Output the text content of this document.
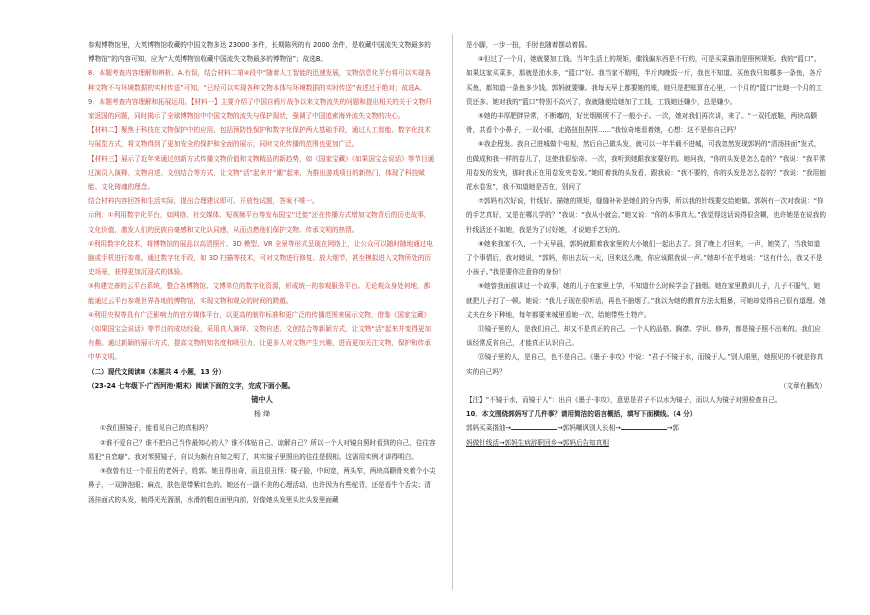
参观博物馆里，大英博物馆收藏的中国文物多达 23000 多件，长期陈列的有 2000 余件，是收藏中国流失文物最多的博物馆”的内容可知，应为“大英博物馆收藏中国流失文物最多的博物馆”；故选B。

8．本题考查内容理解和辨析。A.有误，结合材料二第④段中“随着人工智能的迅速发展，文物信息化平台将可以实现各种文物不与环境数据的实时传送”可知，“已经可以实现各种文物本体与环境数据的实时传送”表述过于绝对；故选A。

9．本题考查内容理解和拓展运用。【材料一】主要介绍了中国自鸦片战争以来文物流失的问题和提出相关的关于文物归家返国的问题，同时揭示了全球博物馆中中国文物的流失与保护现状，强调了中国追索海外流失文物的决心。

【材料二】聚焦于科技在文物保护中的应用，包括预防性保护和数字化保护两大基础手段，通过人工智能、数字化技术与展览方式，将文物得到了更加安全的保护和全面的展示，同时文化传播的范围也更加广泛。

【材料三】展示了近年来通过创新方式传播文物价值和文物精品的新趋势，如《国家宝藏》《如果国宝会说话》等节目通过演员入演释、文物自述、文创结合等方式，让文物“活”起来并“潮”起来，为推出游戏项目的新热门，体现了科技赋能、文化铸魂的理念。

结合材料内容回答和生活实际，提出合理建议即可。开放性试题，答案不唯一。

示例：①利用数字化平台，如网络、社交媒体、短视频平台等发布国宝“迁徙”还在传播方式增加文物背后的历史故事，文化价值，激发人们的民族自豪感和文化认同感，从而点燃他们保护文物、传承文明的热情。

②利用数字化技术，将博物馆的展品以高清照片、3D 模型、VR 全景等形式呈现在网络上，让公众可以随时随地通过电脑或手机进行参观。通过数字化手段，如 3D 扫描等技术，可对文物进行修复、放大细节，甚至模拟进入文物所处的历史场景，获得更加沉浸式的体验。

③构建完善的云平台系统，整合各博物馆、文博单位的数字化资源，形成统一的参观服务平台。无论观众身处何地，都能通过云平台参观世界各地的博物馆，实现文物和观众的时间的跨越。

④利用央视等具有广泛影响力的官方媒体平台，以更高的制作标准和更广泛的传播范围来展示文物，借鉴《国家宝藏》《如果国宝会说话》等节目的成功经验，采用真人演绎、文物自述、文创结合等新颖方式，让文物“活”起来并变得更加有趣。通过新颖的展示方式，提高文物的知名度和吸引力，让更多人对文物产生兴趣，进而更加关注文物，保护和传承中华文明。

（二）现代文阅读Ⅱ（本题共 4 小题，13 分）

（23-24 七年级下·广西河池·期末）阅读下面的文字，完成下面小题。

镜中人

杨 绛

①我们照镜子，能看见自己的真相吗？

②谁不爱自己？谁不把自己当作最知心的人？谁不体贴自己、谅解自己？所以一个人对镜自照时看到的自己，往往容易犯“自恋癖”。我对苯照镜子，自以为颇有自知之明了，其实镜子里照出的往往是假相。这需用实例才讲得明白。

③我曾有过一个很丑的老妈子，姓郭。她丑得出奇，而且很丑怪：楼子脸，中间宽，两头窄，两块高颧骨夹着个小尖鼻子，一双肿泡眼；麻点，肤色是带紫红色的。她还有一副不美的心理活动，也许因为有些驼背，还是看牛个舌尖；清汤挂面式的头发，梳得光光溜溜，水滑的粗在面里向前，好像她头发里头比头发里面藏

是小脚，一步一扭，手肘也随着摆动着摇。

④但过了一个月，她就要加工钱。当年生活上的规矩，催钱偏东西是不行的，可是买菜描油是照例规矩。我的“篮口”。如果这家买菜多，那就是油水多，“篮口”好。我当家不精明，半斤肉晚饭一斤，我也不知道。买鱼我只知哪多一条鱼，各斤买鱼，都知道一条鱼多少钱。郭妈就要赚。我每天早上都要她的账，她只是把账算在心里，一个月的“篮口”比她一个月的工资还多。她对我的“篮口”特别不高兴了，我就随便给她加了工钱，工钱她还嫌少，总是嫌少。

⑤她的丰厚肥胖异常，不断嘟的，好比烟厕所不了一般小子。一次，她对我们再次讲，来了。“一双托底鞋，两块高颧骨，共看个小鼻子，一双小眼，走路扭扭捏捏……”我惊奇地看着她，心想：这不是你自己吗？

⑥我企程发。我自己进城做个电视，然后自己做头发，就可以一年半载不进城，可我忽然发现郭妈的“清汤挂面”发式，也做成和我一样的卷儿了，这使我很惊奇。一次，我听到她跟我家要好的。她问我，“你的头发是怎么卷的？”我说：“我平常用卷发的发夹，那时我正在用卷发夹卷发。”她盯着我的头发看，跟我说：“我不要的，你的头发是怎么卷的？”我说：“我用刨花水卷发”，我不知道她是否在，别问了

⑦郭妈有次好说，针线好。描她的规矩，缝缝补补是她们的分内事，所以我的针线要交给她做。郭妈有一次对我说：“你的手艺真好，又是在哪儿学的？”我说：“我从小就会。”她又说：“你的本事真大。”我觉得这话说得很含糊，也许她是在说我的针线活还不如她，我是为了讨好她，才说她手艺好的。

⑧她来我家不久，一个天早晨，郭妈就跟着我家里的大小娘们一起出去了。到了晚上才回来，一声，她笑了，当我知道了个事情后，我对她说，“郭妈，你出去玩一天，回来这么晚，你应该跟我说一声。”她却不在乎地说：“这有什么，我又不是小孩子。”我是要你注意你的身份！

⑨她曾我面前讲过一个故事，她的儿子在家里上学，不知道什么时候学会了抽烟。她在家里教训儿子，儿子不服气，她就把儿子打了一顿。她说：“我儿子现在很听话，再也不抽烟了。”我以为她的教育方法太粗暴，可她却觉得自己很有道理。她丈夫在乡下种地，每年都要来城里看她一次，给她带些土特产。

⑪镜子里的人，是我们自己，却又不是真正的自己。一个人的品格、胸襟、学识、修养，都是镜子照不出来的。我们应该经常反省自己，才能真正认识自己。

⑫镜子里的人，是自己，也不是自己。《墨子·非攻》中说：“君子不镜于水，而镜于人。”别人眼里，她照见的不就是你真实的自己吗？

（文章有删改）

【注】“不镜于水，而镜于人”：出自《墨子·非攻》，意思是君子不以水为镜子，而以人为镜子对照检查自己。

10．本文围绕郭妈写了几件事？请用简洁的语言概括，填写下面横线。（4 分）

郭妈买菜揩油→	→郭妈嘲讽别人长相→	→郭

妈做针线活→郭妈生病辞职回乡→郭妈后告知真相
